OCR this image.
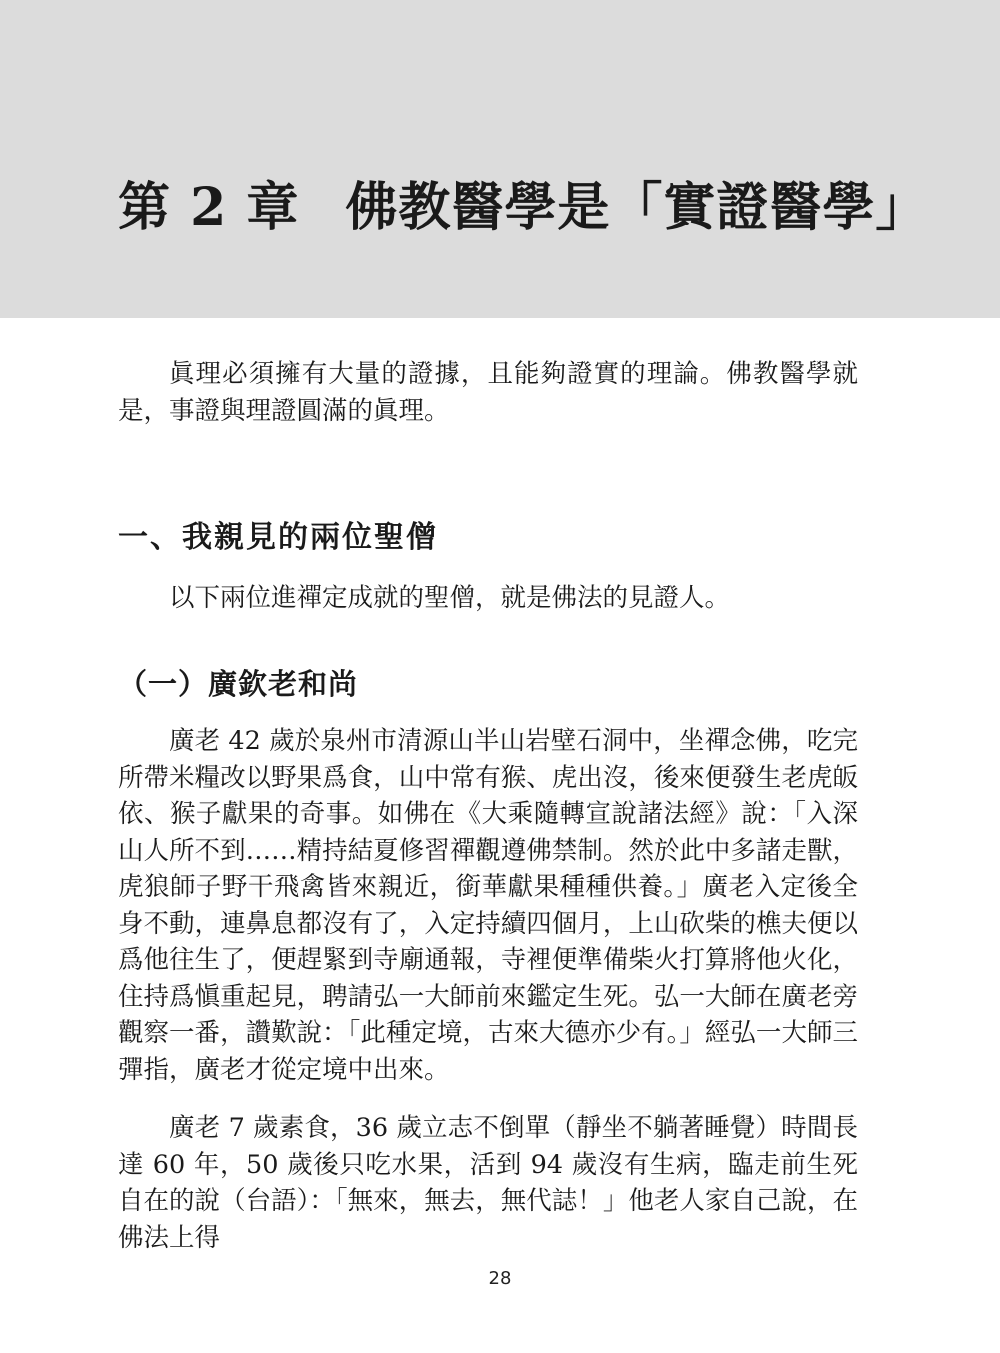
第 2 章 佛教醫學是「實證醫學」

眞理必須擁有大量的證據，且能夠證實的理論。佛教醫學就是，事證與理證圓滿的眞理。

一、我親見的兩位聖僧

以下兩位進禪定成就的聖僧，就是佛法的見證人。

（一）廣欽老和尚

廣老 42 歲於泉州市清源山半山岩壁石洞中，坐禪念佛，吃完所帶米糧改以野果爲食，山中常有猴、虎出沒，後來便發生老虎皈依、猴子獻果的奇事。如佛在《大乘隨轉宣說諸法經》說：「入深山人所不到……精持結夏修習禪觀遵佛禁制。然於此中多諸走獸，虎狼師子野干飛禽皆來親近，銜華獻果種種供養。」廣老入定後全身不動，連鼻息都沒有了，入定持續四個月，上山砍柴的樵夫便以爲他往生了，便趕緊到寺廟通報，寺裡便準備柴火打算將他火化，住持爲愼重起見，聘請弘一大師前來鑑定生死。弘一大師在廣老旁觀察一番，讚歎說：「此種定境，古來大德亦少有。」經弘一大師三彈指，廣老才從定境中出來。

廣老 7 歲素食，36 歲立志不倒單（靜坐不躺著睡覺）時間長達 60 年，50 歲後只吃水果，活到 94 歲沒有生病，臨走前生死自在的說（台語）：「無來，無去，無代誌！」他老人家自己說，在佛法上得

28
